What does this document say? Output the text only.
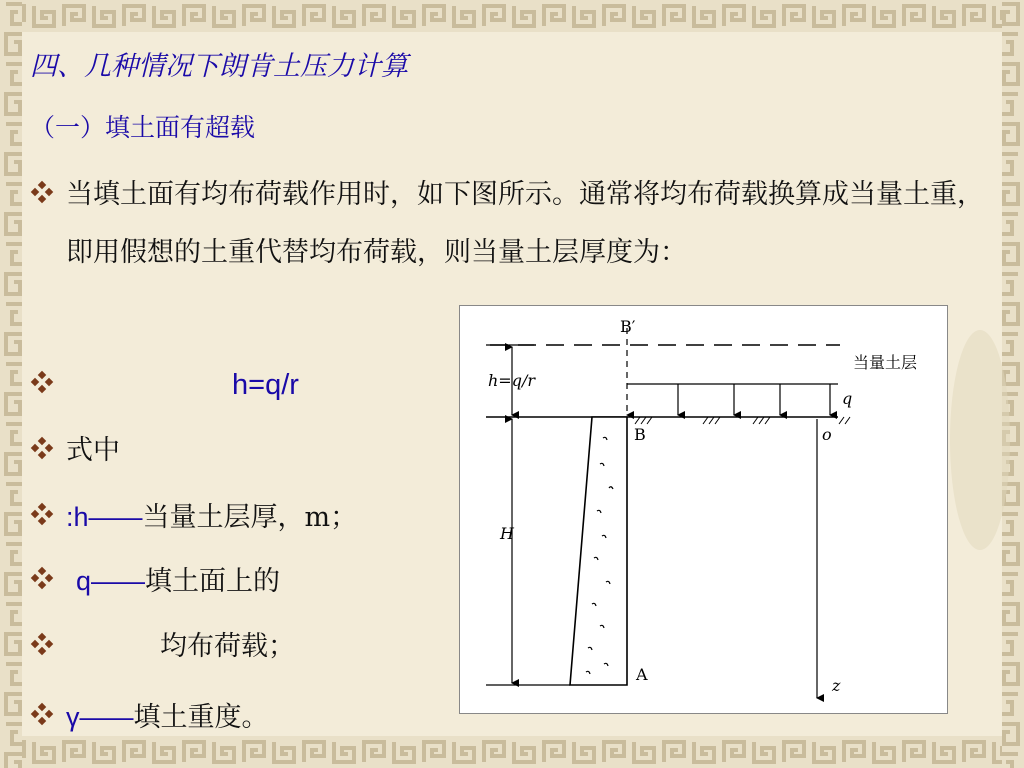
四、几种情况下朗肯土压力计算
（一）填土面有超载
当填土面有均布荷载作用时，如下图所示。通常将均布荷载换算成当量土重，即用假想的土重代替均布荷载，则当量土层厚度为：
h=q/r
式中
:h——当量土层厚，m；
q——填土面上的
均布荷载；
γ——填土重度。
B′
B
A
o
z
q
h=q/r
H
当量土层
